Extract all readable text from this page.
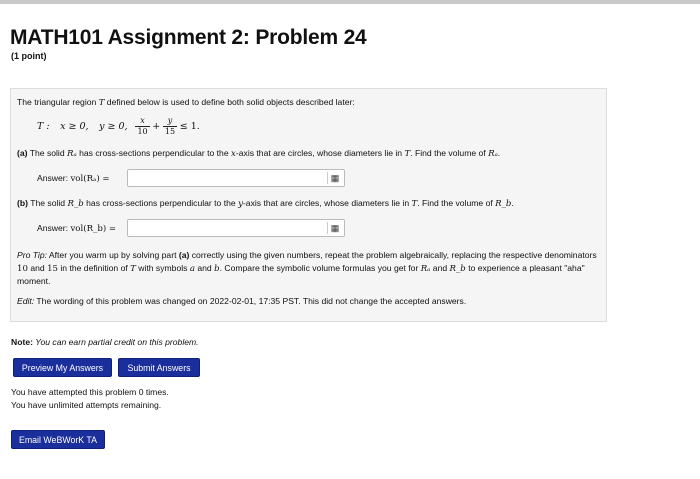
MATH101 Assignment 2: Problem 24
(1 point)
The triangular region T defined below is used to define both solid objects described later:
T : x ≥ 0, y ≥ 0, $\frac{x}{10} + \frac{y}{15} \le 1$.
(a) The solid Rₐ has cross-sections perpendicular to the x-axis that are circles, whose diameters lie in T. Find the volume of Rₐ.
Answer: vol(Rₐ) =	▦
(b) The solid R_b has cross-sections perpendicular to the y-axis that are circles, whose diameters lie in T. Find the volume of R_b.
Answer: vol(R_b) =	▦
Pro Tip: After you warm up by solving part (a) correctly using the given numbers, repeat the problem algebraically, replacing the respective denominators 10 and 15 in the definition of T with symbols a and b. Compare the symbolic volume formulas you get for Rₐ and R_b to experience a pleasant "aha" moment.
Edit: The wording of this problem was changed on 2022-02-01, 17:35 PST. This did not change the accepted answers.
Note: You can earn partial credit on this problem.
Preview My Answers	Submit Answers
You have attempted this problem 0 times.
You have unlimited attempts remaining.
Email WeBWorK TA
